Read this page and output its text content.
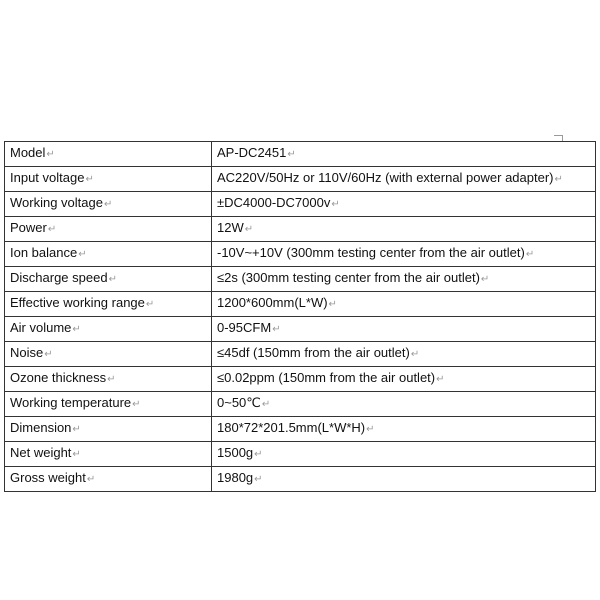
Model↵	AP-DC2451↵
Input voltage↵	AC220V/50Hz or 110V/60Hz (with external power adapter)↵
Working voltage↵	±DC4000-DC7000v↵
Power↵	12W↵
Ion balance↵	-10V~+10V (300mm testing center from the air outlet)↵
Discharge speed↵	≤2s (300mm testing center from the air outlet)↵
Effective working range↵	1200*600mm(L*W)↵
Air volume↵	0-95CFM↵
Noise↵	≤45df (150mm from the air outlet)↵
Ozone thickness↵	≤0.02ppm (150mm from the air outlet)↵
Working temperature↵	0~50℃↵
Dimension↵	180*72*201.5mm(L*W*H)↵
Net weight↵	1500g↵
Gross weight↵	1980g↵
